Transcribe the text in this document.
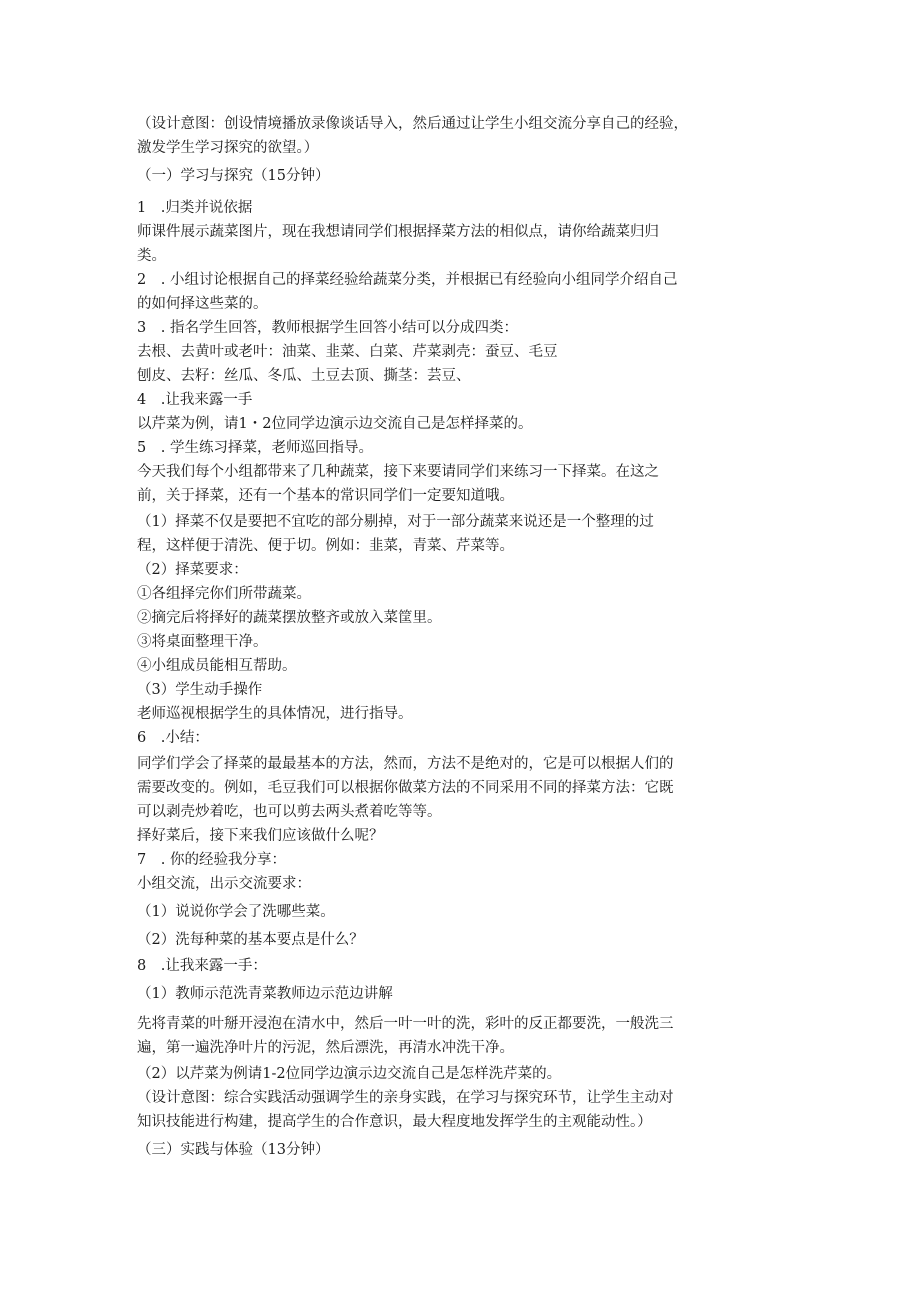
（设计意图：创设情境播放录像谈话导入，然后通过让学生小组交流分享自己的经验，
激发学生学习探究的欲望。）
（一）学习与探究（15分钟）
1　.归类并说依据
师课件展示蔬菜图片，现在我想请同学们根据择菜方法的相似点，请你给蔬菜归归
类。
2　. 小组讨论根据自己的择菜经验给蔬菜分类，并根据已有经验向小组同学介绍自己
的如何择这些菜的。
3　. 指名学生回答，教师根据学生回答小结可以分成四类：
去根、去黄叶或老叶：油菜、韭菜、白菜、芹菜剥壳：蚕豆、毛豆
刨皮、去籽：丝瓜、冬瓜、土豆去顶、撕茎：芸豆、
4　.让我来露一手
以芹菜为例，请1・2位同学边演示边交流自己是怎样择菜的。
5　. 学生练习择菜，老师巡回指导。
今天我们每个小组都带来了几种蔬菜，接下来要请同学们来练习一下择菜。在这之
前，关于择菜，还有一个基本的常识同学们一定要知道哦。
（1）择菜不仅是要把不宜吃的部分剔掉，对于一部分蔬菜来说还是一个整理的过
程，这样便于清洗、便于切。例如：韭菜，青菜、芹菜等。
（2）择菜要求：
①各组择完你们所带蔬菜。
②摘完后将择好的蔬菜摆放整齐或放入菜筐里。
③将桌面整理干净。
④小组成员能相互帮助。
（3）学生动手操作
老师巡视根据学生的具体情况，进行指导。
6　.小结：
同学们学会了择菜的最最基本的方法，然而，方法不是绝对的，它是可以根据人们的
需要改变的。例如，毛豆我们可以根据你做菜方法的不同采用不同的择菜方法：它既
可以剥壳炒着吃，也可以剪去两头煮着吃等等。
择好菜后，接下来我们应该做什么呢？
7　. 你的经验我分享：
小组交流，出示交流要求：
（1）说说你学会了洗哪些菜。
（2）洗每种菜的基本要点是什么？
8　.让我来露一手：
（1）教师示范洗青菜教师边示范边讲解
先将青菜的叶掰开浸泡在清水中，然后一叶一叶的洗，彩叶的反正都要洗，一般洗三
遍，第一遍洗净叶片的污泥，然后漂洗，再清水冲洗干净。
（2）以芹菜为例请1-2位同学边演示边交流自己是怎样洗芹菜的。
（设计意图：综合实践活动强调学生的亲身实践，在学习与探究环节，让学生主动对
知识技能进行构建，提高学生的合作意识，最大程度地发挥学生的主观能动性。）
（三）实践与体验（13分钟）
